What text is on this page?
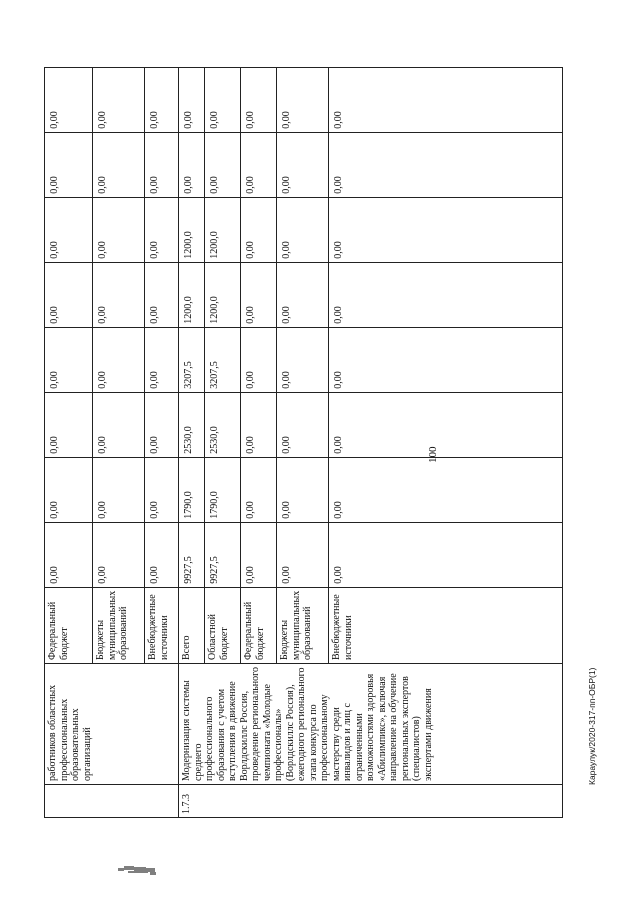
100
	работников областных профессиональных образовательных организаций	Федеральный бюджет	0,00	0,00	0,00	0,00	0,00	0,00	0,00	0,00
		Бюджеты муниципальных образований	0,00	0,00	0,00	0,00	0,00	0,00	0,00	0,00
		Внебюджетные источники	0,00	0,00	0,00	0,00	0,00	0,00	0,00	0,00
1.7.3	Модернизация системы среднего профессионального образования с учетом вступления в движение Ворлдскиллс Россия, проведение регионального чемпионата «Молодые профессионалы» (Ворлдскиллс Россия), ежегодного регионального этапа конкурса по профессиональному мастерству среди инвалидов и лиц с ограниченными возможностями здоровья «Абилимпикс», включая направление на обучение региональных экспертов (специалистов) экспертами движения	Всего	9927,5	1790,0	2530,0	3207,5	1200,0	1200,0	0,00	0,00
		Областной бюджет	9927,5	1790,0	2530,0	3207,5	1200,0	1200,0	0,00	0,00
		Федеральный бюджет	0,00	0,00	0,00	0,00	0,00	0,00	0,00	0,00
		Бюджеты муниципальных образований	0,00	0,00	0,00	0,00	0,00	0,00	0,00	0,00
		Внебюджетные источники	0,00	0,00	0,00	0,00	0,00	0,00	0,00	0,00
Караулук/2020-317-пп-ОБР(1)
